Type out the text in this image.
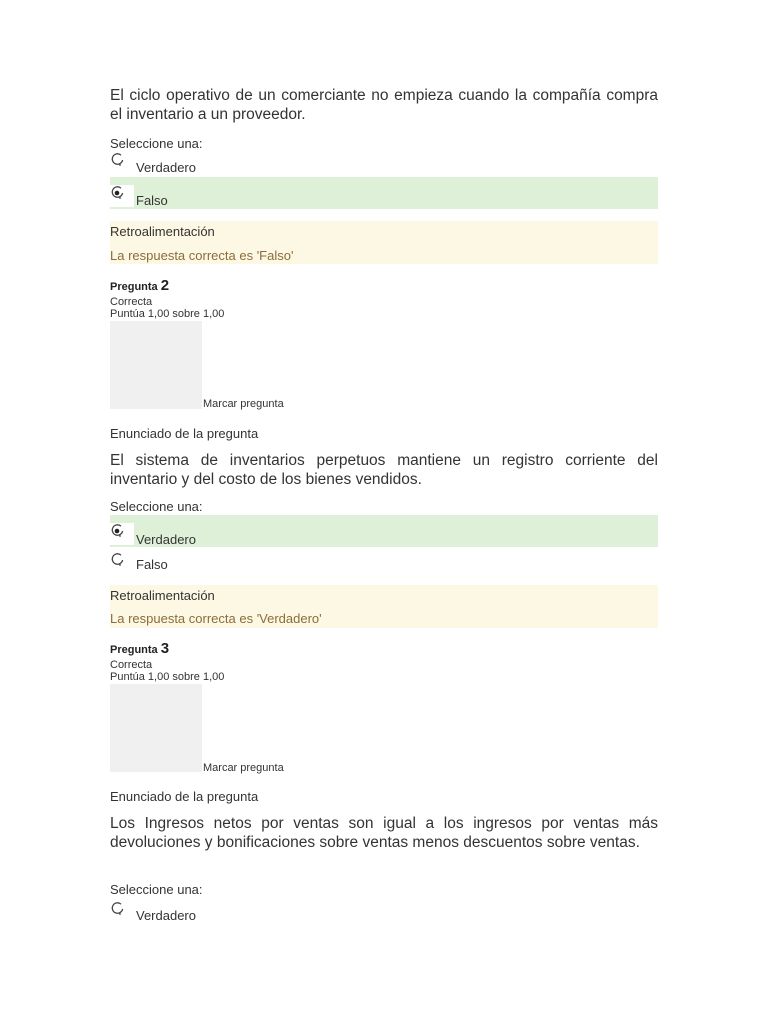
El ciclo operativo de un comerciante no empieza cuando la compañía compra el inventario a un proveedor.
Seleccione una:
Verdadero
Falso
Retroalimentación
La respuesta correcta es 'Falso'
Pregunta 2
Correcta
Puntúa 1,00 sobre 1,00
Marcar pregunta
Enunciado de la pregunta
El sistema de inventarios perpetuos mantiene un registro corriente del inventario y del costo de los bienes vendidos.
Seleccione una:
Verdadero
Falso
Retroalimentación
La respuesta correcta es 'Verdadero'
Pregunta 3
Correcta
Puntúa 1,00 sobre 1,00
Marcar pregunta
Enunciado de la pregunta
Los Ingresos netos por ventas son igual a los ingresos por ventas más devoluciones y bonificaciones sobre ventas menos descuentos sobre ventas.
Seleccione una:
Verdadero
